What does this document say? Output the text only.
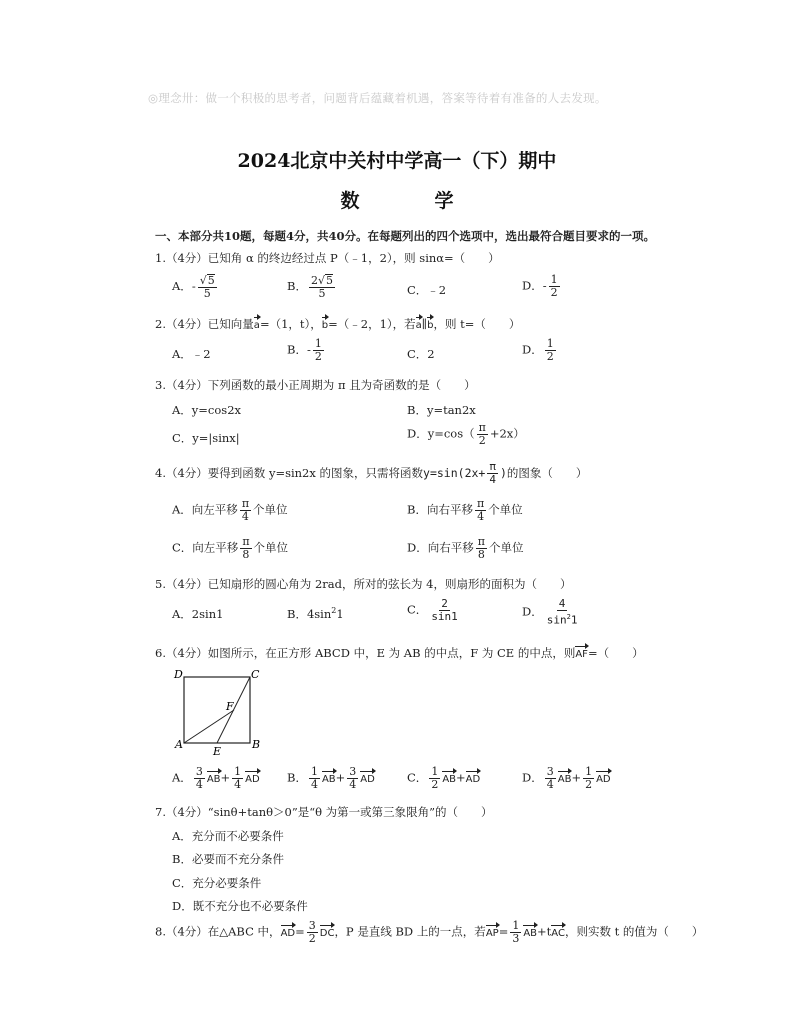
◎理念卅：做一个积极的思考者，问题背后蕴藏着机遇，答案等待着有准备的人去发现。
2024北京中关村中学高一（下）期中
数　学
一、本部分共10题，每题4分，共40分。在每题列出的四个选项中，选出最符合题目要求的一项。
1.（4分）已知角 α 的终边经过点 P（﹣1，2），则 sinα=（　　）
A．- $\frac{√5}{5}$	B． $\frac{2√5}{5}$	C．﹣2	D．- $\frac{1}{2}$
2.（4分）已知向量a=（1，t），b=（﹣2，1），若a∥b，则 t=（　　）
A．﹣2	B．- $\frac{1}{2}$	C．2	D． $\frac{1}{2}$
3.（4分）下列函数的最小正周期为 π 且为奇函数的是（　　）
A．y=cos2x	B．y=tan2x
C．y=|sinx|	D．$y=\cos( \frac{\pi}{2} +2x)$
4.（4分）要得到函数 y=sin2x 的图象，只需将函数$y=\sin(2x+ \frac{\pi}{4}$ )的图象（　　）
A．向左平移 $\frac{\pi}{4}$ 个单位	B．向右平移 $\frac{\pi}{4}$ 个单位
C．向左平移 $\frac{\pi}{8}$ 个单位	D．向右平移 $\frac{\pi}{8}$ 个单位
5.（4分）已知扇形的圆心角为 2rad，所对的弦长为 4，则扇形的面积为（　　）
A．2sin1	B．$4\sin^21$	C． $\frac{2}{\sin 1}$	D． $\frac{4}{\sin^21}$
6.（4分）如图所示，在正方形 ABCD 中，E 为 AB 的中点，F 为 CE 的中点，则AF=（　　）
D	C
F
A	B
E
A． $\frac{3}{4} AB+ \frac{1}{4}$ AD B． $\frac{1}{4} AB+ \frac{3}{4}$ AD	C． $\frac{1}{2} AB+AD$	D． $\frac{3}{4} AB+ \frac{1}{2}$ AD
7.（4分）“sinθ+tanθ＞0”是“θ 为第一或第三象限角”的（　　）
A．充分而不必要条件
B．必要而不充分条件
C．充分必要条件
D．既不充分也不必要条件
8.（4分）在△ABC 中，$AD= \frac{3}{2}$ DC，P 是直线 BD 上的一点，若$AP= \frac{1}{3} AB+tAC$，则实数 t 的值为（　　）
